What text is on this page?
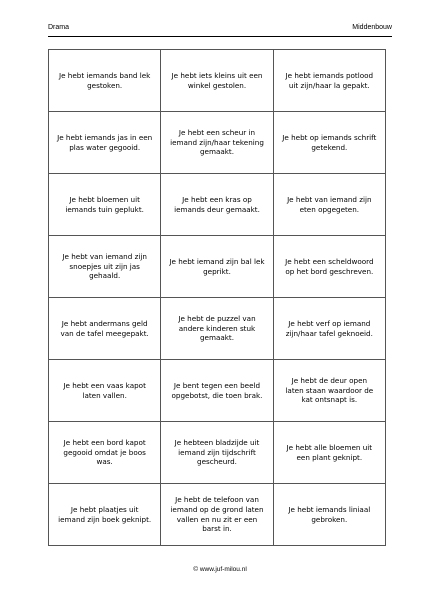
Drama	Middenbouw
Je hebt iemands band lek gestoken.
Je hebt iets kleins uit een winkel gestolen.
Je hebt iemands potlood uit zijn/haar la gepakt.
Je hebt iemands jas in een plas water gegooid.
Je hebt een scheur in iemand zijn/haar tekening gemaakt.
Je hebt op iemands schrift getekend.
Je hebt bloemen uit iemands tuin geplukt.
Je hebt een kras op iemands deur gemaakt.
Je hebt van iemand zijn eten opgegeten.
Je hebt van iemand zijn snoepjes uit zijn jas gehaald.
Je hebt iemand zijn bal lek geprikt.
Je hebt een scheldwoord op het bord geschreven.
Je hebt andermans geld van de tafel meegepakt.
Je hebt de puzzel van andere kinderen stuk gemaakt.
Je hebt verf op iemand zijn/haar tafel geknoeid.
Je hebt een vaas kapot laten vallen.
Je bent tegen een beeld opgebotst, die toen brak.
Je hebt de deur open laten staan waardoor de kat ontsnapt is.
Je hebt een bord kapot gegooid omdat je boos was.
Je hebteen bladzijde uit iemand zijn tijdschrift gescheurd.
Je hebt alle bloemen uit een plant geknipt.
Je hebt plaatjes uit iemand zijn boek geknipt.
Je hebt de telefoon van iemand op de grond laten vallen en nu zit er een barst in.
Je hebt iemands liniaal gebroken.
© www.juf-milou.nl
